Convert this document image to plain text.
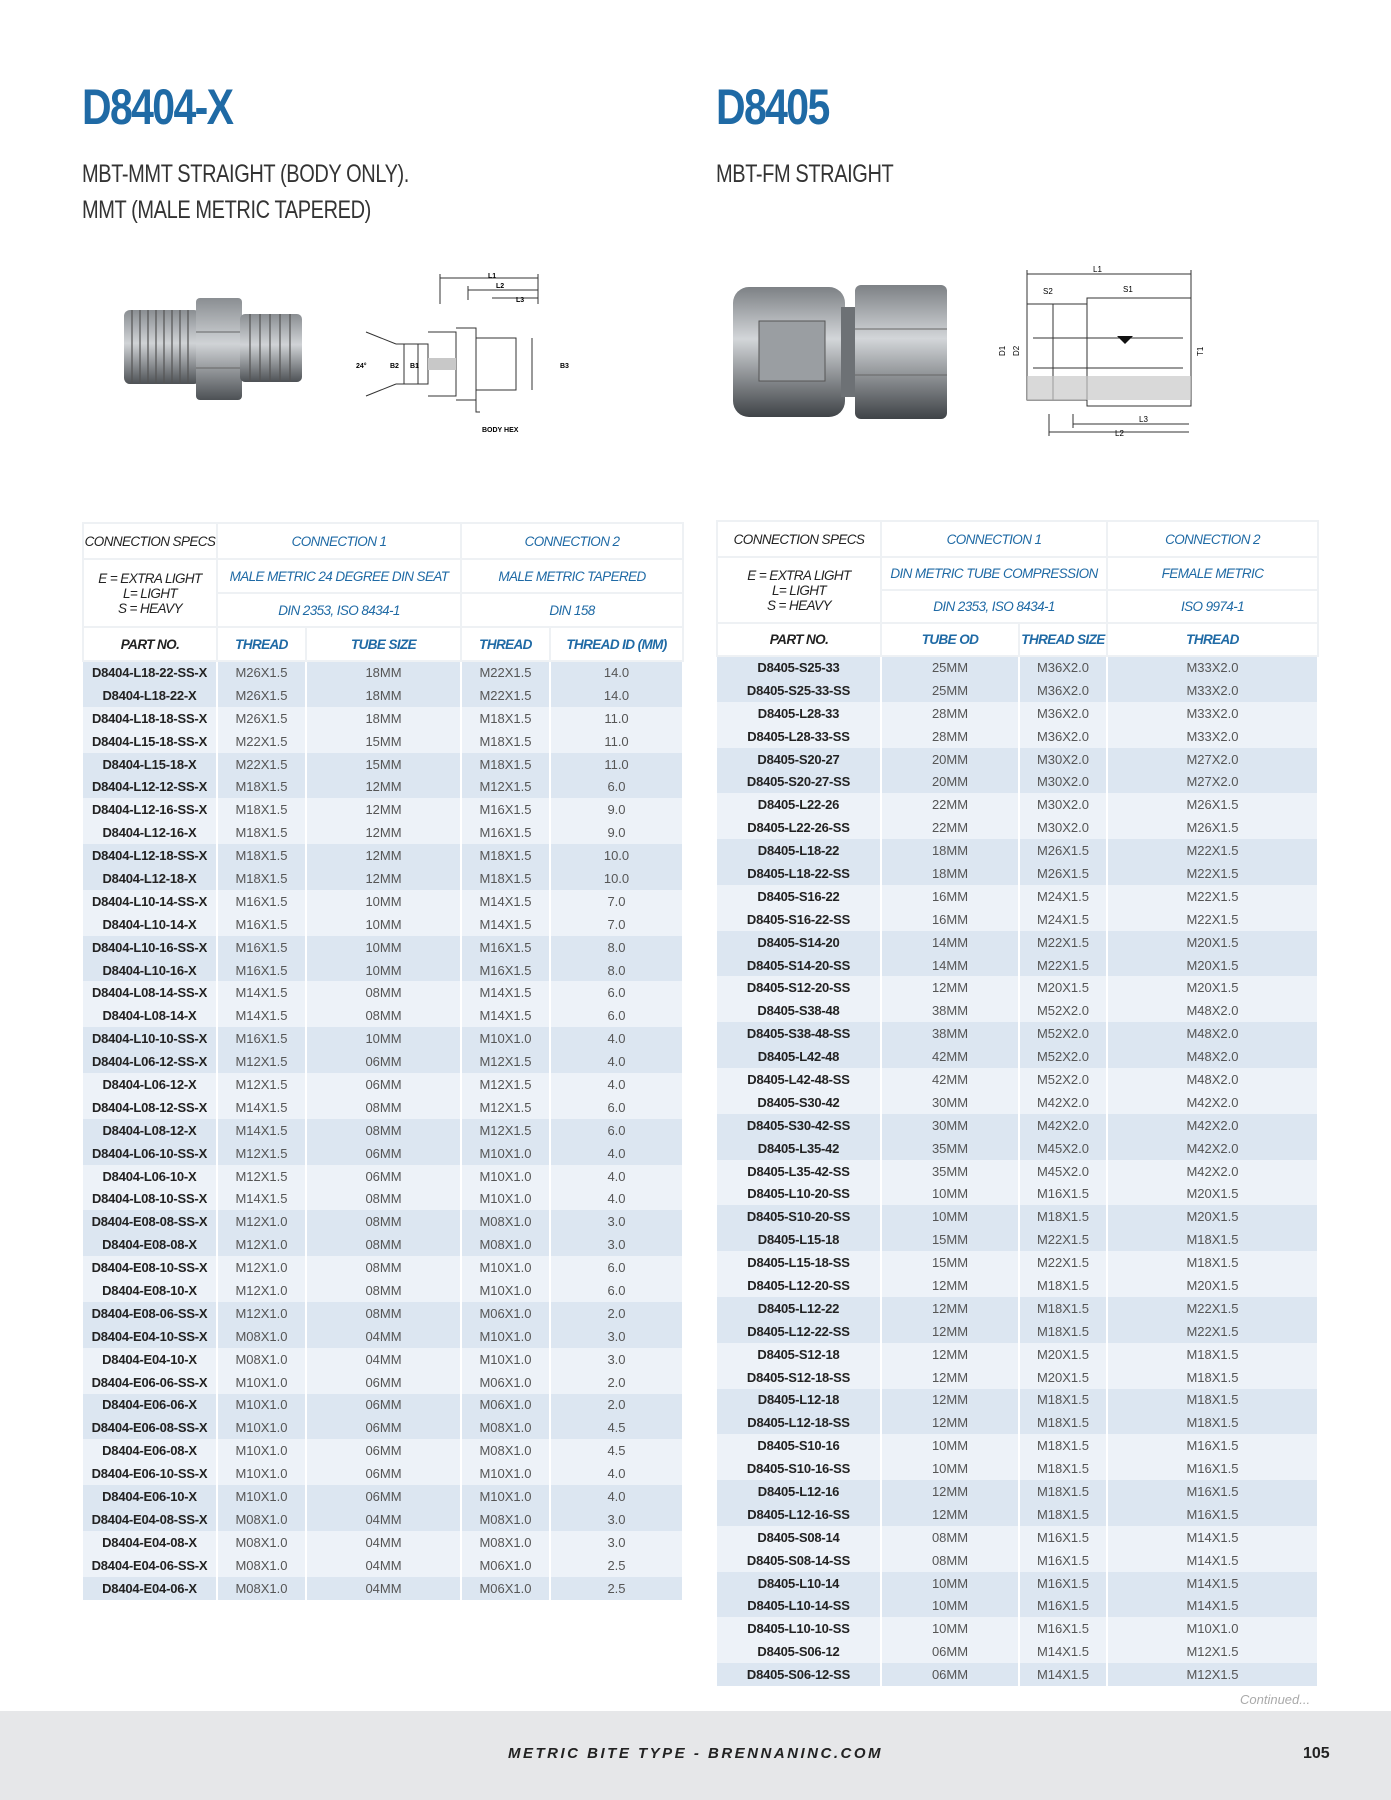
D8404-X
MBT-MMT STRAIGHT (BODY ONLY).
MMT (MALE METRIC TAPERED)
D8405
MBT-FM STRAIGHT
L1
L2
L3
24°	B2 B1	B3
BODY HEX
L1
S2	S1
D1 D2	T1
L3
L2
CONNECTION SPECS	CONNECTION 1		CONNECTION 2	

E = EXTRA LIGHT
L= LIGHT
S = HEAVY	MALE METRIC 24 DEGREE DIN SEAT		MALE METRIC TAPERED	
	DIN 2353, ISO 8434-1		DIN 158	
PART NO.	THREAD	TUBE SIZE	THREAD	THREAD ID (MM)
D8404-L18-22-SS-X	M26X1.5	18MM	M22X1.5	14.0
D8404-L18-22-X	M26X1.5	18MM	M22X1.5	14.0
D8404-L18-18-SS-X	M26X1.5	18MM	M18X1.5	11.0
D8404-L15-18-SS-X	M22X1.5	15MM	M18X1.5	11.0
D8404-L15-18-X	M22X1.5	15MM	M18X1.5	11.0
D8404-L12-12-SS-X	M18X1.5	12MM	M12X1.5	6.0
D8404-L12-16-SS-X	M18X1.5	12MM	M16X1.5	9.0
D8404-L12-16-X	M18X1.5	12MM	M16X1.5	9.0
D8404-L12-18-SS-X	M18X1.5	12MM	M18X1.5	10.0
D8404-L12-18-X	M18X1.5	12MM	M18X1.5	10.0
D8404-L10-14-SS-X	M16X1.5	10MM	M14X1.5	7.0
D8404-L10-14-X	M16X1.5	10MM	M14X1.5	7.0
D8404-L10-16-SS-X	M16X1.5	10MM	M16X1.5	8.0
D8404-L10-16-X	M16X1.5	10MM	M16X1.5	8.0
D8404-L08-14-SS-X	M14X1.5	08MM	M14X1.5	6.0
D8404-L08-14-X	M14X1.5	08MM	M14X1.5	6.0
D8404-L10-10-SS-X	M16X1.5	10MM	M10X1.0	4.0
D8404-L06-12-SS-X	M12X1.5	06MM	M12X1.5	4.0
D8404-L06-12-X	M12X1.5	06MM	M12X1.5	4.0
D8404-L08-12-SS-X	M14X1.5	08MM	M12X1.5	6.0
D8404-L08-12-X	M14X1.5	08MM	M12X1.5	6.0
D8404-L06-10-SS-X	M12X1.5	06MM	M10X1.0	4.0
D8404-L06-10-X	M12X1.5	06MM	M10X1.0	4.0
D8404-L08-10-SS-X	M14X1.5	08MM	M10X1.0	4.0
D8404-E08-08-SS-X	M12X1.0	08MM	M08X1.0	3.0
D8404-E08-08-X	M12X1.0	08MM	M08X1.0	3.0
D8404-E08-10-SS-X	M12X1.0	08MM	M10X1.0	6.0
D8404-E08-10-X	M12X1.0	08MM	M10X1.0	6.0
D8404-E08-06-SS-X	M12X1.0	08MM	M06X1.0	2.0
D8404-E04-10-SS-X	M08X1.0	04MM	M10X1.0	3.0
D8404-E04-10-X	M08X1.0	04MM	M10X1.0	3.0
D8404-E06-06-SS-X	M10X1.0	06MM	M06X1.0	2.0
D8404-E06-06-X	M10X1.0	06MM	M06X1.0	2.0
D8404-E06-08-SS-X	M10X1.0	06MM	M08X1.0	4.5
D8404-E06-08-X	M10X1.0	06MM	M08X1.0	4.5
D8404-E06-10-SS-X	M10X1.0	06MM	M10X1.0	4.0
D8404-E06-10-X	M10X1.0	06MM	M10X1.0	4.0
D8404-E04-08-SS-X	M08X1.0	04MM	M08X1.0	3.0
D8404-E04-08-X	M08X1.0	04MM	M08X1.0	3.0
D8404-E04-06-SS-X	M08X1.0	04MM	M06X1.0	2.5
D8404-E04-06-X	M08X1.0	04MM	M06X1.0	2.5
CONNECTION SPECS	CONNECTION 1		CONNECTION 2

E = EXTRA LIGHT
L= LIGHT
S = HEAVY	DIN METRIC TUBE COMPRESSION		FEMALE METRIC
	DIN 2353, ISO 8434-1		ISO 9974-1
PART NO.	TUBE OD	THREAD SIZE	THREAD
D8405-S25-33	25MM	M36X2.0	M33X2.0
D8405-S25-33-SS	25MM	M36X2.0	M33X2.0
D8405-L28-33	28MM	M36X2.0	M33X2.0
D8405-L28-33-SS	28MM	M36X2.0	M33X2.0
D8405-S20-27	20MM	M30X2.0	M27X2.0
D8405-S20-27-SS	20MM	M30X2.0	M27X2.0
D8405-L22-26	22MM	M30X2.0	M26X1.5
D8405-L22-26-SS	22MM	M30X2.0	M26X1.5
D8405-L18-22	18MM	M26X1.5	M22X1.5
D8405-L18-22-SS	18MM	M26X1.5	M22X1.5
D8405-S16-22	16MM	M24X1.5	M22X1.5
D8405-S16-22-SS	16MM	M24X1.5	M22X1.5
D8405-S14-20	14MM	M22X1.5	M20X1.5
D8405-S14-20-SS	14MM	M22X1.5	M20X1.5
D8405-S12-20-SS	12MM	M20X1.5	M20X1.5
D8405-S38-48	38MM	M52X2.0	M48X2.0
D8405-S38-48-SS	38MM	M52X2.0	M48X2.0
D8405-L42-48	42MM	M52X2.0	M48X2.0
D8405-L42-48-SS	42MM	M52X2.0	M48X2.0
D8405-S30-42	30MM	M42X2.0	M42X2.0
D8405-S30-42-SS	30MM	M42X2.0	M42X2.0
D8405-L35-42	35MM	M45X2.0	M42X2.0
D8405-L35-42-SS	35MM	M45X2.0	M42X2.0
D8405-L10-20-SS	10MM	M16X1.5	M20X1.5
D8405-S10-20-SS	10MM	M18X1.5	M20X1.5
D8405-L15-18	15MM	M22X1.5	M18X1.5
D8405-L15-18-SS	15MM	M22X1.5	M18X1.5
D8405-L12-20-SS	12MM	M18X1.5	M20X1.5
D8405-L12-22	12MM	M18X1.5	M22X1.5
D8405-L12-22-SS	12MM	M18X1.5	M22X1.5
D8405-S12-18	12MM	M20X1.5	M18X1.5
D8405-S12-18-SS	12MM	M20X1.5	M18X1.5
D8405-L12-18	12MM	M18X1.5	M18X1.5
D8405-L12-18-SS	12MM	M18X1.5	M18X1.5
D8405-S10-16	10MM	M18X1.5	M16X1.5
D8405-S10-16-SS	10MM	M18X1.5	M16X1.5
D8405-L12-16	12MM	M18X1.5	M16X1.5
D8405-L12-16-SS	12MM	M18X1.5	M16X1.5
D8405-S08-14	08MM	M16X1.5	M14X1.5
D8405-S08-14-SS	08MM	M16X1.5	M14X1.5
D8405-L10-14	10MM	M16X1.5	M14X1.5
D8405-L10-14-SS	10MM	M16X1.5	M14X1.5
D8405-L10-10-SS	10MM	M16X1.5	M10X1.0
D8405-S06-12	06MM	M14X1.5	M12X1.5
D8405-S06-12-SS	06MM	M14X1.5	M12X1.5
Continued...
METRIC BITE TYPE - BRENNANINC.COM	105
